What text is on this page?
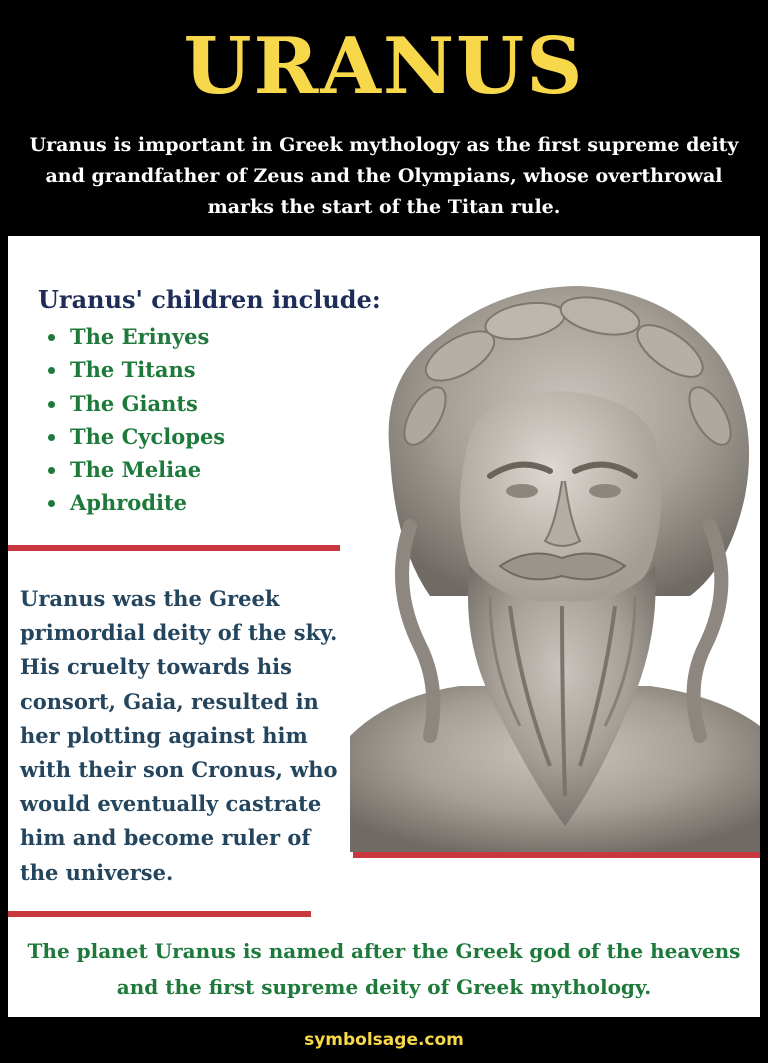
URANUS
Uranus is important in Greek mythology as the first supreme deity and grandfather of Zeus and the Olympians, whose overthrowal marks the start of the Titan rule.
Uranus' children include:
The Erinyes
The Titans
The Giants
The Cyclopes
The Meliae
Aphrodite
Uranus was the Greek primordial deity of the sky. His cruelty towards his consort, Gaia, resulted in her plotting against him with their son Cronus, who would eventually castrate him and become ruler of the universe.
The planet Uranus is named after the Greek god of the heavens and the first supreme deity of Greek mythology.
symbolsage.com
